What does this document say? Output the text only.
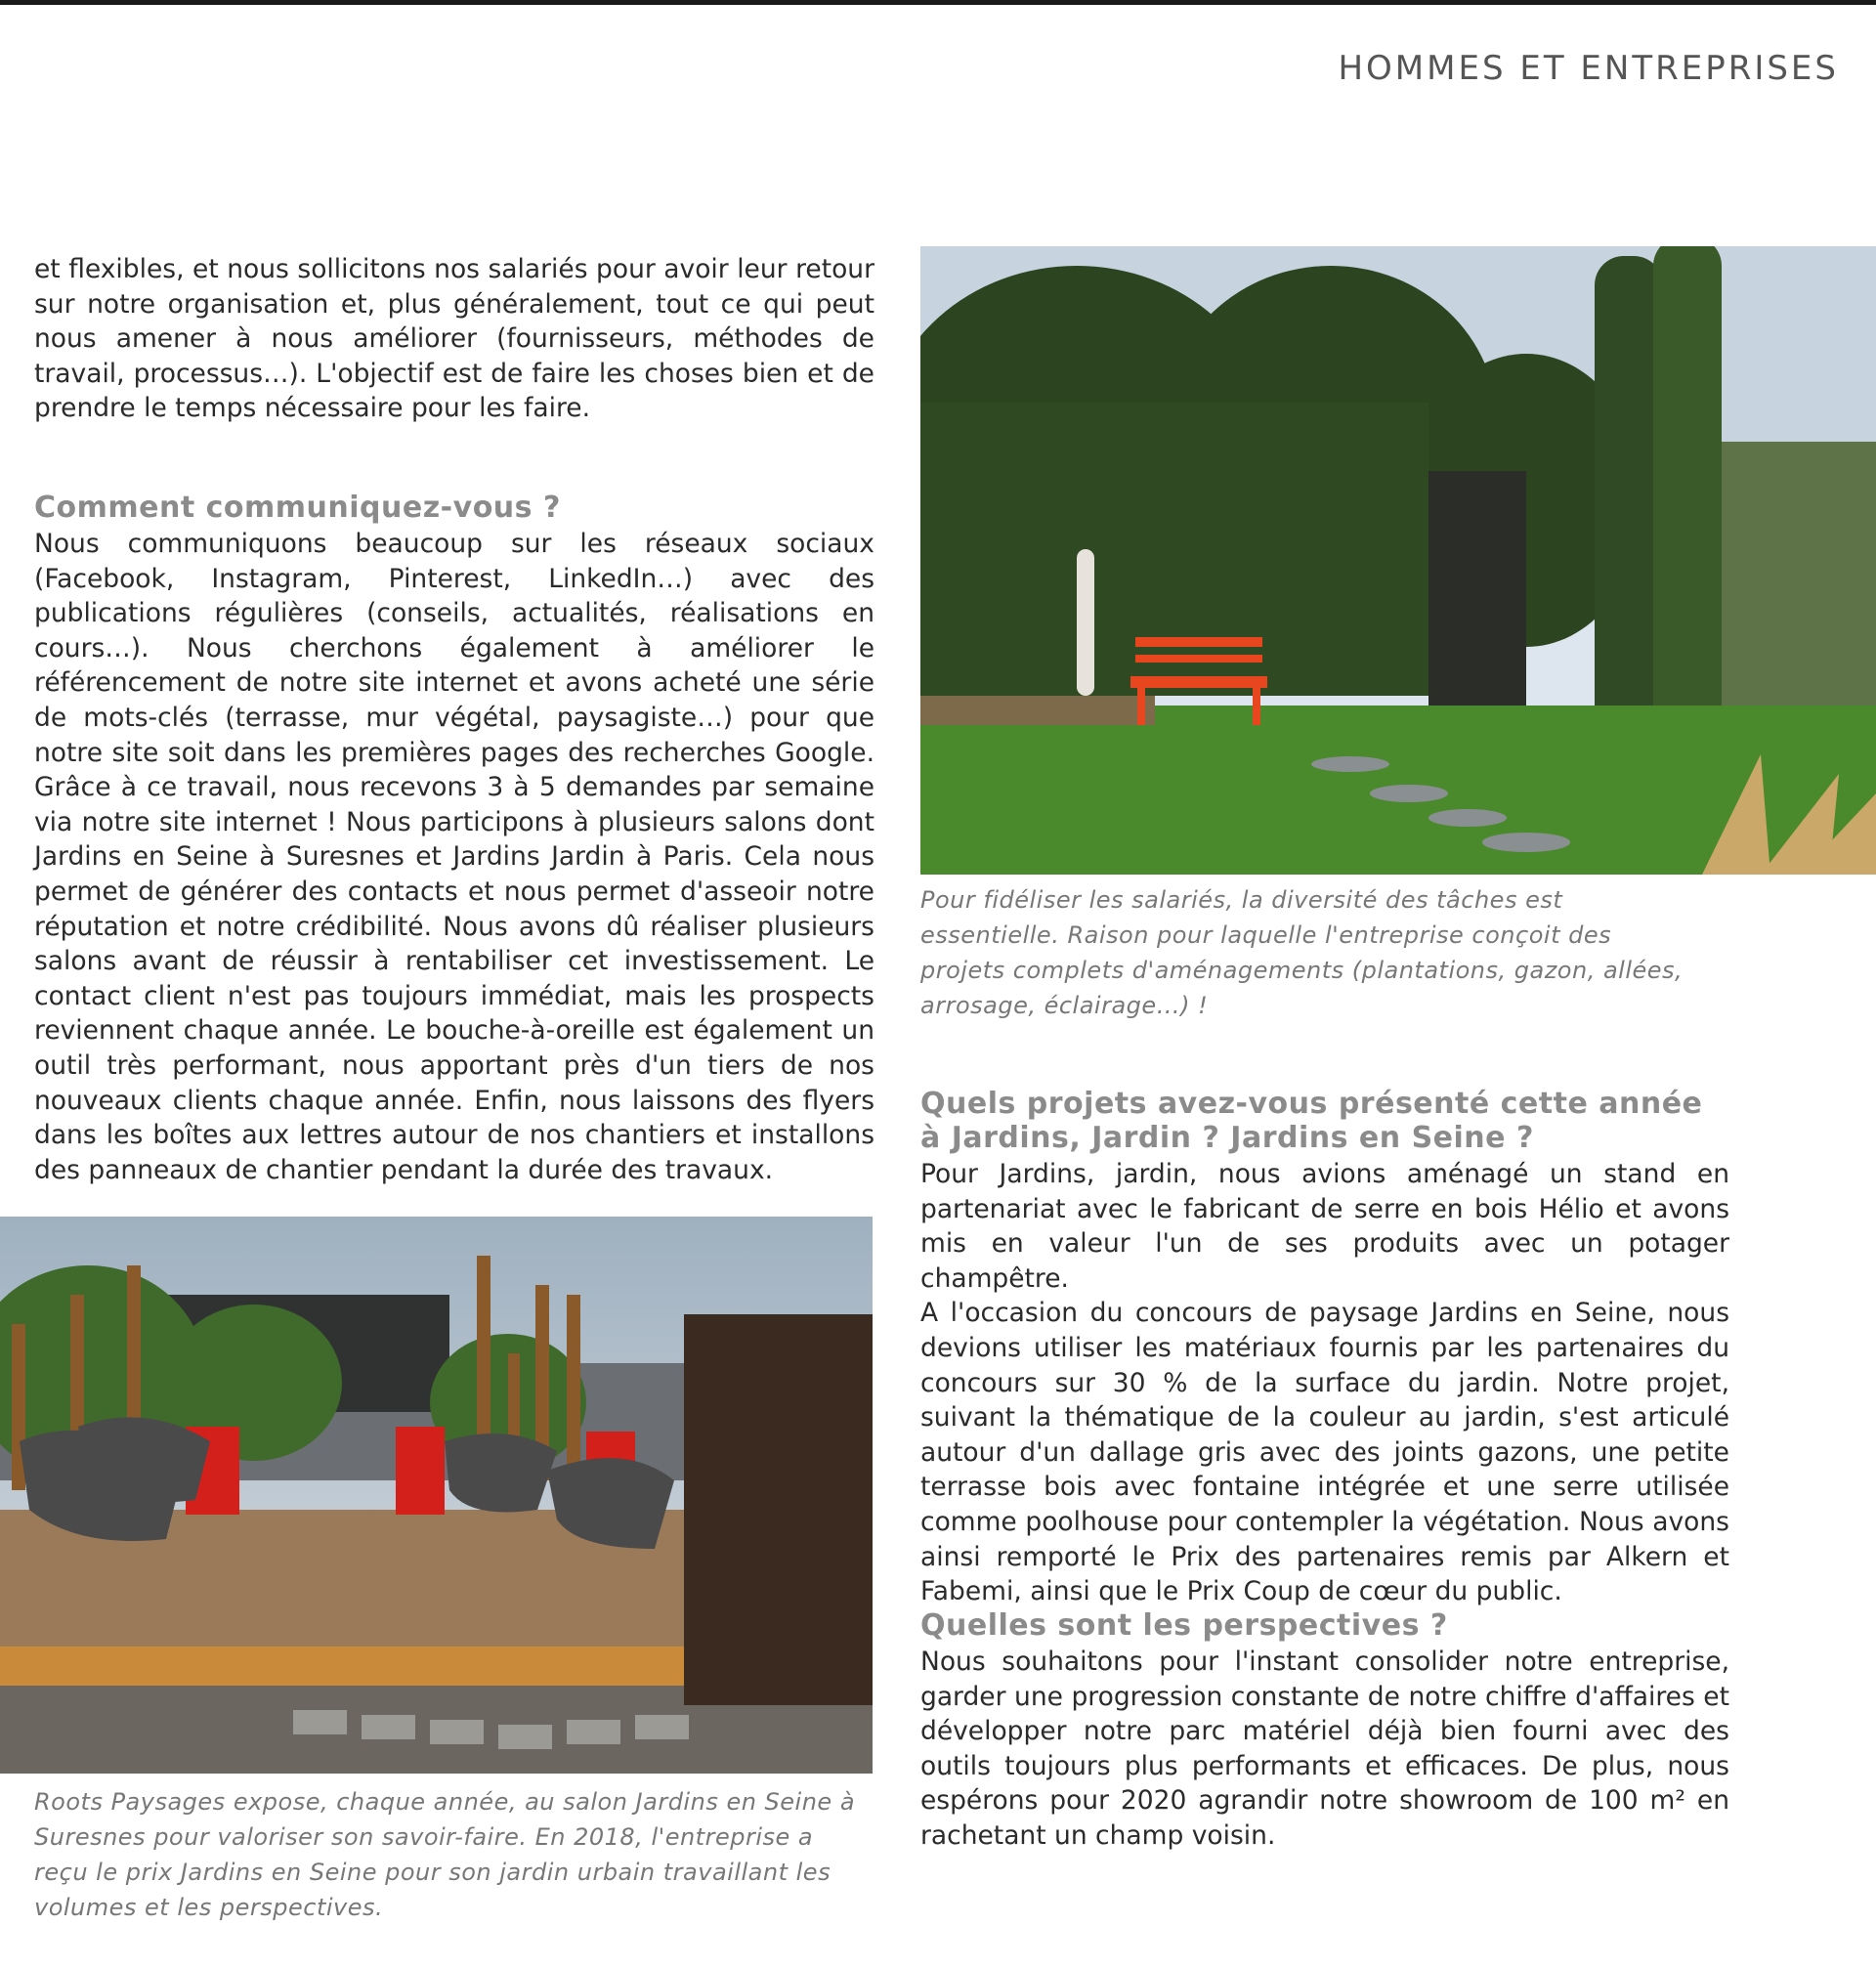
HOMMES ET ENTREPRISES

et flexibles, et nous sollicitons nos salariés pour avoir leur retour sur notre organisation et, plus généralement, tout ce qui peut nous amener à nous améliorer (fournisseurs, méthodes de travail, processus…). L'objectif est de faire les choses bien et de prendre le temps nécessaire pour les faire.

Comment communiquez-vous ?

Nous communiquons beaucoup sur les réseaux sociaux (Facebook, Instagram, Pinterest, LinkedIn…) avec des publications régulières (conseils, actualités, réalisations en cours…). Nous cherchons également à améliorer le référencement de notre site internet et avons acheté une série de mots-clés (terrasse, mur végétal, paysagiste…) pour que notre site soit dans les premières pages des recherches Google. Grâce à ce travail, nous recevons 3 à 5 demandes par semaine via notre site internet ! Nous participons à plusieurs salons dont Jardins en Seine à Suresnes et Jardins Jardin à Paris. Cela nous permet de générer des contacts et nous permet d'asseoir notre réputation et notre crédibilité. Nous avons dû réaliser plusieurs salons avant de réussir à rentabiliser cet investissement. Le contact client n'est pas toujours immédiat, mais les prospects reviennent chaque année. Le bouche-à-oreille est également un outil très performant, nous apportant près d'un tiers de nos nouveaux clients chaque année. Enfin, nous laissons des flyers dans les boîtes aux lettres autour de nos chantiers et installons des panneaux de chantier pendant la durée des travaux.

Roots Paysages expose, chaque année, au salon Jardins en Seine à Suresnes pour valoriser son savoir-faire. En 2018, l'entreprise a reçu le prix Jardins en Seine pour son jardin urbain travaillant les volumes et les perspectives.

Pour fidéliser les salariés, la diversité des tâches est essentielle. Raison pour laquelle l'entreprise conçoit des projets complets d'aménagements (plantations, gazon, allées, arrosage, éclairage…) !

Quels projets avez-vous présenté cette année à Jardins, Jardin ? Jardins en Seine ?

Pour Jardins, jardin, nous avions aménagé un stand en partenariat avec le fabricant de serre en bois Hélio et avons mis en valeur l'un de ses produits avec un potager champêtre.

A l'occasion du concours de paysage Jardins en Seine, nous devions utiliser les matériaux fournis par les partenaires du concours sur 30 % de la surface du jardin. Notre projet, suivant la thématique de la couleur au jardin, s'est articulé autour d'un dallage gris avec des joints gazons, une petite terrasse bois avec fontaine intégrée et une serre utilisée comme poolhouse pour contempler la végétation. Nous avons ainsi remporté le Prix des partenaires remis par Alkern et Fabemi, ainsi que le Prix Coup de cœur du public.

Quelles sont les perspectives ?

Nous souhaitons pour l'instant consolider notre entreprise, garder une progression constante de notre chiffre d'affaires et développer notre parc matériel déjà bien fourni avec des outils toujours plus performants et efficaces. De plus, nous espérons pour 2020 agrandir notre showroom de 100 m² en rachetant un champ voisin.
